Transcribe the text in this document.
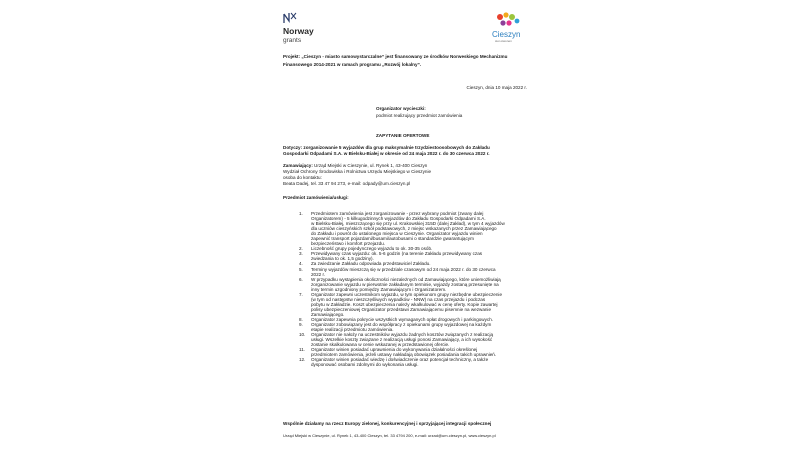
Norway
grants
Cieszyn
stoi otworem
Projekt: „Cieszyn - miasto samowystarczalne” jest finansowany ze środków Norweskiego Mechanizmu
Finansowego 2014-2021 w ramach programu „Rozwój lokalny”.
Cieszyn, dnia 10 maja 2022 r.
Organizator wycieczki:
podmiot realizujący przedmiot zamówienia
ZAPYTANIE OFERTOWE
Dotyczy: zorganizowanie 5 wyjazdów dla grup maksymalnie trzydziestoosobowych do Zakładu
Gospodarki Odpadami S.A. w Bielsku-Białej w okresie od 24 maja 2022 r. do 30 czerwca 2022 r.
Zamawiający: Urząd Miejski w Cieszynie, ul. Rynek 1, 43-400 Cieszyn
Wydział Ochrony Środowiska i Rolnictwa Urzędu Miejskiego w Cieszynie
osoba do kontaktu:
Beata Dadej, tel. 33 47 94 273, e-mail: odpady@um.cieszyn.pl
Przedmiot zamówienia/usługi:
1. Przedmiotem zamówienia jest zorganizowanie - przez wybrany podmiot (zwany dalej
Organizatorem) - 5 kilkugodzinnych wyjazdów do Zakładu Gospodarki Odpadami S.A.
w Bielsku-Białej, mieszczącego się przy ul. Krakowskiej 315D (dalej Zakład), w tym 4 wyjazdów
dla uczniów cieszyńskich szkół podstawowych, z miejsc wskazanych przez Zamawiającego
do Zakładu i powrót do ustalonego miejsca w Cieszynie. Organizator wyjazdu winien
zapewnić transport pojazdami/busami/autobusami o standardzie gwarantującym
bezpieczeństwo i komfort przejazdu.
2. Liczebność grupy pojedynczego wyjazdu to ok. 30-35 osób.
3. Przewidywany czas wyjazdu: ok. 5-6 godzin (na terenie Zakładu przewidywany czas
zwiedzania to ok. 1,5 godziny).
4. Za zwiedzanie Zakładu odpowiada przedstawiciel Zakładu.
5. Terminy wyjazdów mieszczą się w przedziale czasowym od 24 maja 2022 r. do 30 czerwca
2022 r.
6. W przypadku wystąpienia okoliczności niezależnych od Zamawiającego, które uniemożliwiają
zorganizowanie wyjazdu w pierwotnie zakładanym terminie, wyjazdy zostaną przesunięte na
inny termin uzgodniony pomiędzy Zamawiającym i Organizatorem.
7. Organizator zapewni uczestnikom wyjazdu, w tym opiekunom grupy niezbędne ubezpieczenie
(w tym od następstw nieszczęśliwych wypadków - NNW) na czas przejazdu i podczas
pobytu w Zakładzie. Koszt ubezpieczenia należy wkalkulować w cenę oferty. Kopie zawartej
polisy ubezpieczeniowej Organizator przedstawi Zamawiającemu pisemnie na wezwanie
Zamawiającego.
8. Organizator zapewnia pokrycie wszystkich wymaganych opłat drogowych i parkingowych.
9. Organizator zobowiązany jest do współpracy z opiekunami grupy wyjazdowej na każdym
etapie realizacji przedmiotu zamówienia.
10. Organizator nie nałoży na uczestników wyjazdu żadnych kosztów związanych z realizacją
usługi. Wszelkie koszty związane z realizacją usługi ponosi Zamawiający, a ich wysokość
zostanie skalkulowana w cenie wskazanej w przedstawionej ofercie.
11. Organizator winien posiadać uprawnienia do wykonywania działalności określonej
przedmiotem zamówienia, jeżeli ustawy nakładają obowiązek posiadania takich uprawnień.
12. Organizator winien posiadać wiedzę i doświadczenie oraz potencjał techniczny, a także
dysponować osobami zdolnymi do wykonania usługi.
Wspólnie działamy na rzecz Europy zielonej, konkurencyjnej i sprzyjającej integracji społecznej
Urząd Miejski w Cieszynie, ul. Rynek 1, 43-400 Cieszyn, tel. 33 4794 200, e-mail: urzad@um.cieszyn.pl, www.cieszyn.pl
